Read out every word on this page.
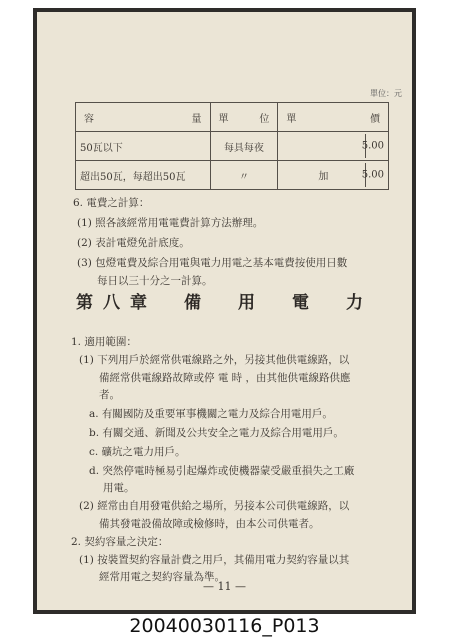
單位：元
容 量	單 位	單 價

50瓦以下	每具每夜	5.00

超出50瓦，每超出50瓦	〃	加 5.00
6. 電費之計算：
(1) 照各該經常用電電費計算方法辦理。
(2) 表計電燈免計底度。
(3) 包燈電費及綜合用電與電力用電之基本電費按使用日數
每日以三十分之一計算。
第八章　備　用　電　力
1. 適用範圍：
(1) 下列用戶於經常供電線路之外，另接其他供電線路，以
備經常供電線路故障或停 電 時 ，由其他供電線路供應
者。
a. 有關國防及重要軍事機關之電力及綜合用電用戶。
b. 有關交通、新聞及公共安全之電力及綜合用電用戶。
c. 礦坑之電力用戶。
d. 突然停電時極易引起爆炸或使機器蒙受嚴重損失之工廠
用電。
(2) 經常由自用發電供給之場所，另接本公司供電線路，以
備其發電設備故障或檢修時，由本公司供電者。
2. 契約容量之決定：
(1) 按裝置契約容量計費之用戶，其備用電力契約容量以其
經常用電之契約容量為準。
— 11 —
20040030116_P013
